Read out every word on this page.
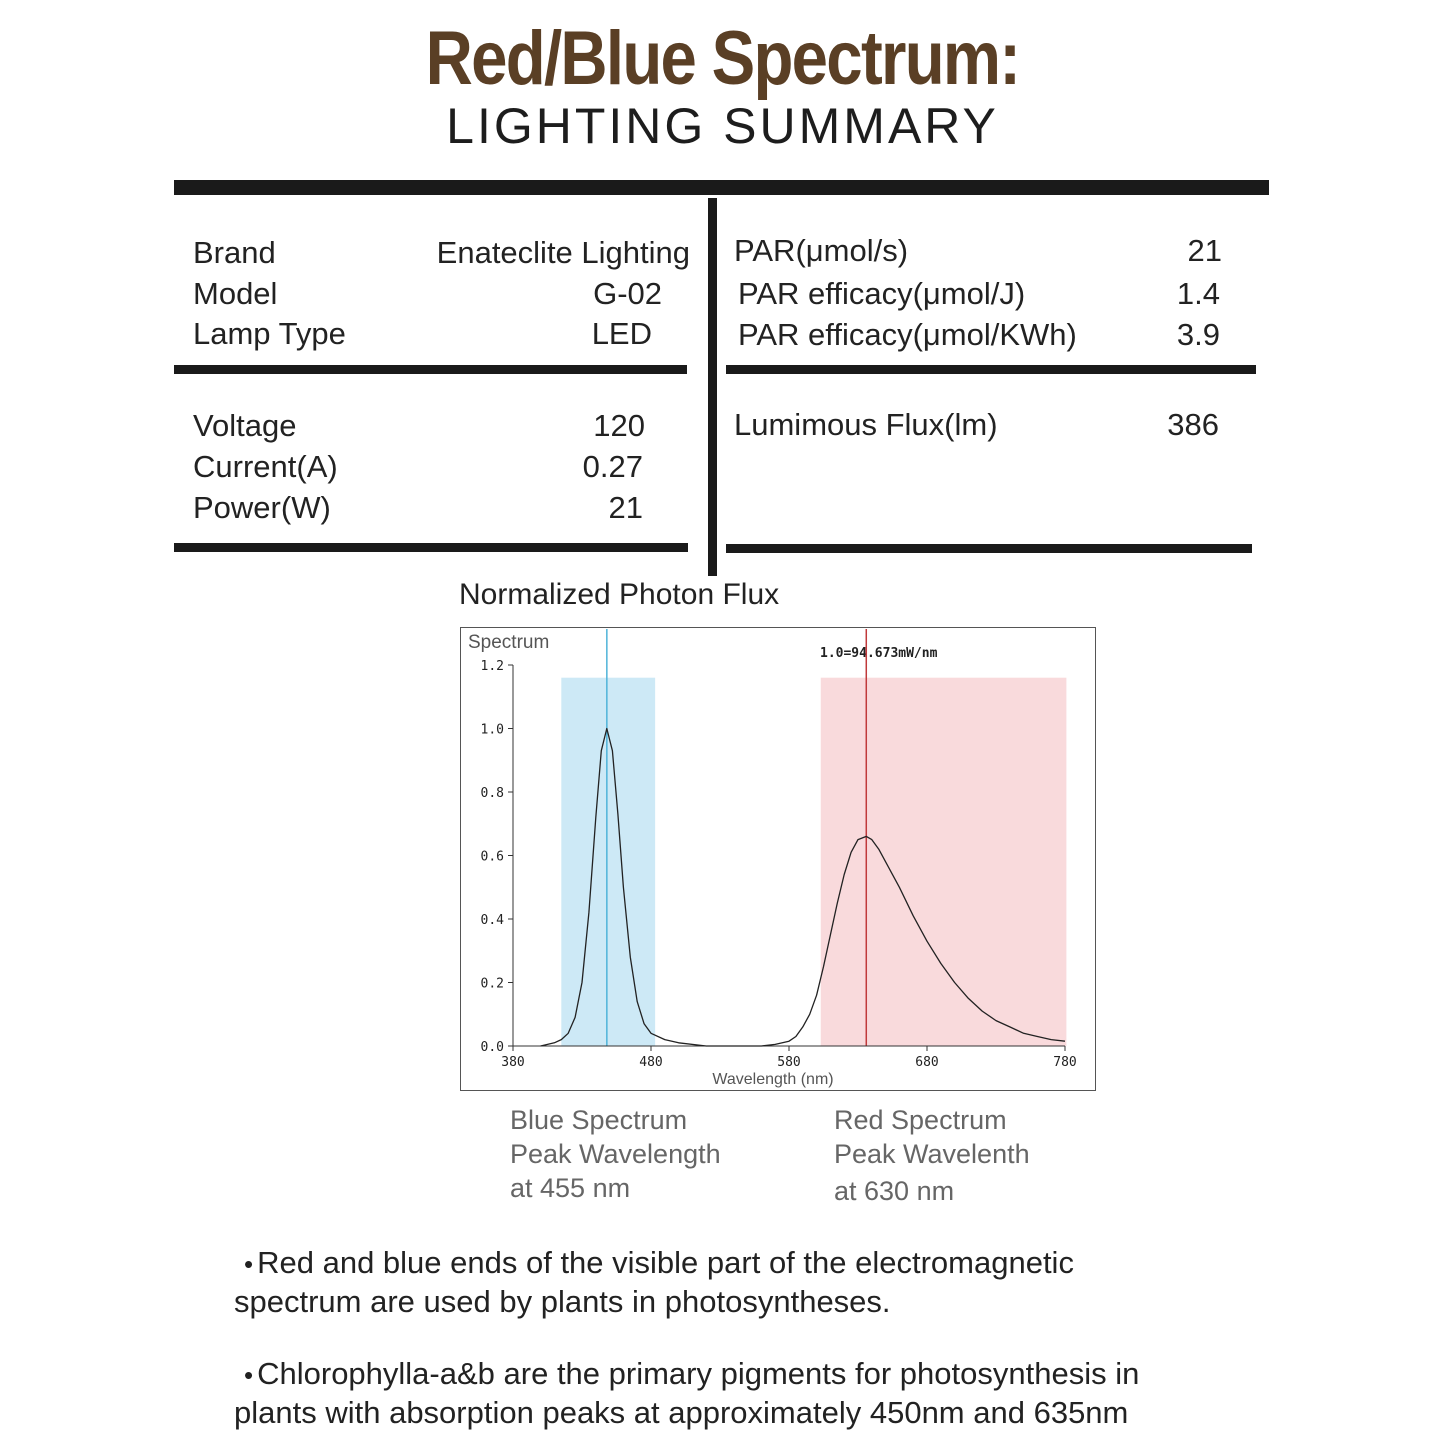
Red/Blue Spectrum:
LIGHTING SUMMARY
Brand	Enateclite Lighting
Model	G-02
Lamp Type	LED
Voltage	120
Current(A)	0.27
Power(W)	21
PAR(μmol/s)	21
PAR efficacy(μmol/J)	1.4
PAR efficacy(μmol/KWh)	3.9
Lumimous Flux(lm)	386
Normalized Photon Flux
Spectrum
1.0=94.673mW/nm
0.0
0.2
0.4
0.6
0.8
1.0
1.2
380	480	580	680	780
Wavelength (nm)
Blue Spectrum
Peak Wavelength
at 455 nm
Red Spectrum
Peak Wavelenth
at 630 nm
• Red and blue ends of the visible part of the electromagnetic
spectrum are used by plants in photosyntheses.
• Chlorophylla-a&b are the primary pigments for photosynthesis in
plants with absorption peaks at approximately 450nm and 635nm
